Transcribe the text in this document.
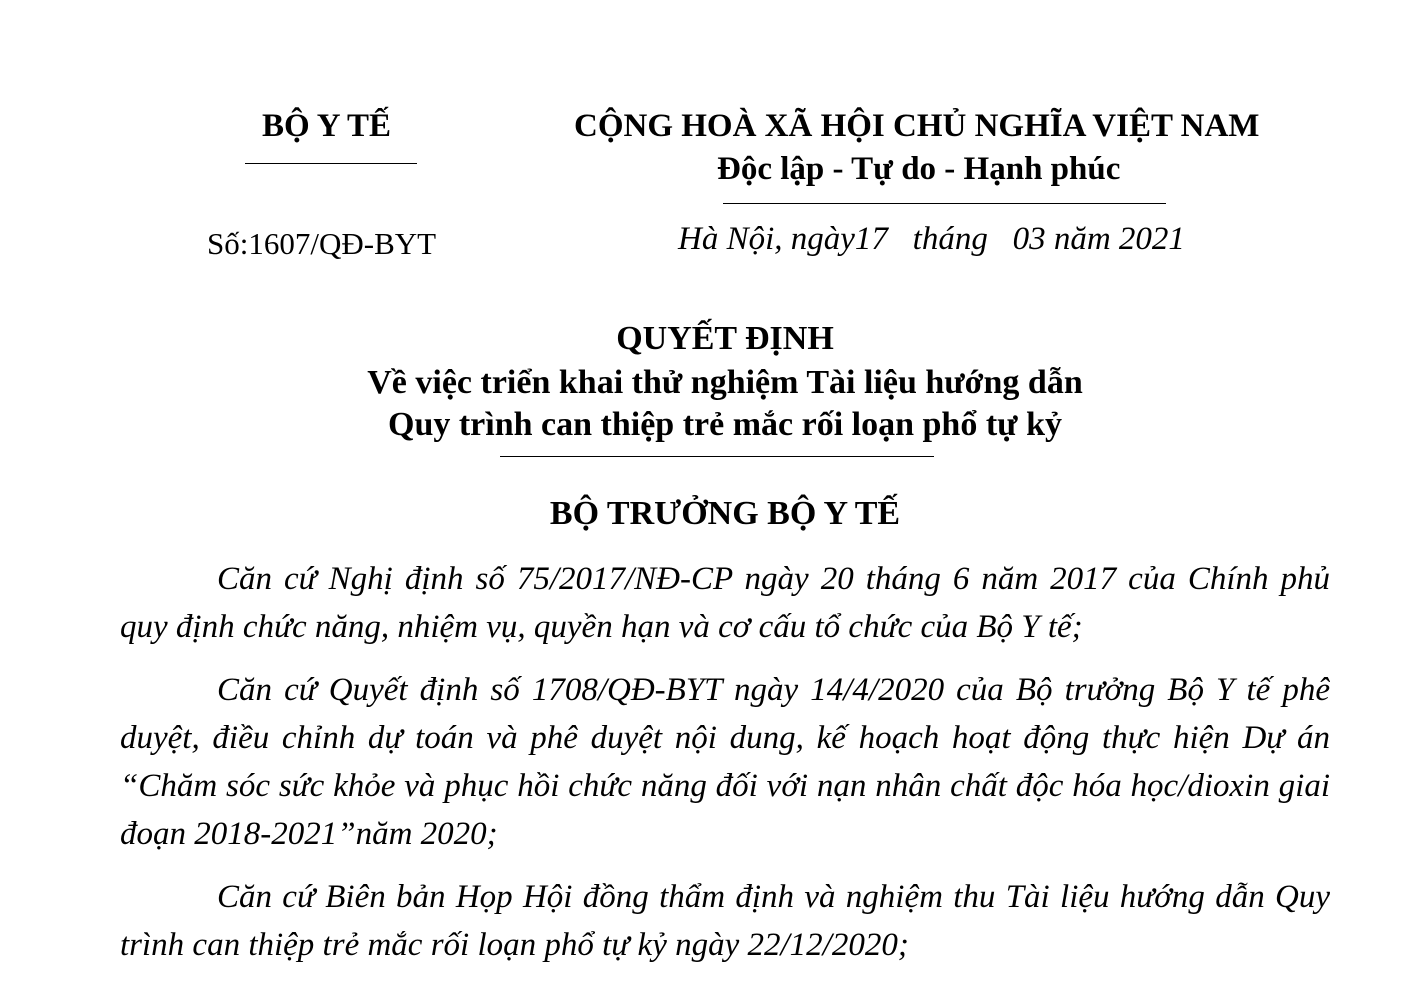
BỘ Y TẾ	CỘNG HOÀ XÃ HỘI CHỦ NGHĨA VIỆT NAM
Độc lập - Tự do - Hạnh phúc
Số:1607/QĐ-BYT	Hà Nội, ngày17   tháng   03 năm 2021
QUYẾT ĐỊNH
Về việc triển khai thử nghiệm Tài liệu hướng dẫn
Quy trình can thiệp trẻ mắc rối loạn phổ tự kỷ
BỘ TRƯỞNG BỘ Y TẾ
Căn cứ Nghị định số 75/2017/NĐ-CP ngày 20 tháng 6 năm 2017 của Chính phủ quy định chức năng, nhiệm vụ, quyền hạn và cơ cấu tổ chức của Bộ Y tế;
Căn cứ Quyết định số 1708/QĐ-BYT ngày 14/4/2020 của Bộ trưởng Bộ Y tế phê duyệt, điều chỉnh dự toán và phê duyệt nội dung, kế hoạch hoạt động thực hiện Dự án “Chăm sóc sức khỏe và phục hồi chức năng đối với nạn nhân chất độc hóa học/dioxin giai đoạn 2018-2021”năm 2020;
Căn cứ Biên bản Họp Hội đồng thẩm định và nghiệm thu Tài liệu hướng dẫn Quy trình can thiệp trẻ mắc rối loạn phổ tự kỷ ngày 22/12/2020;
